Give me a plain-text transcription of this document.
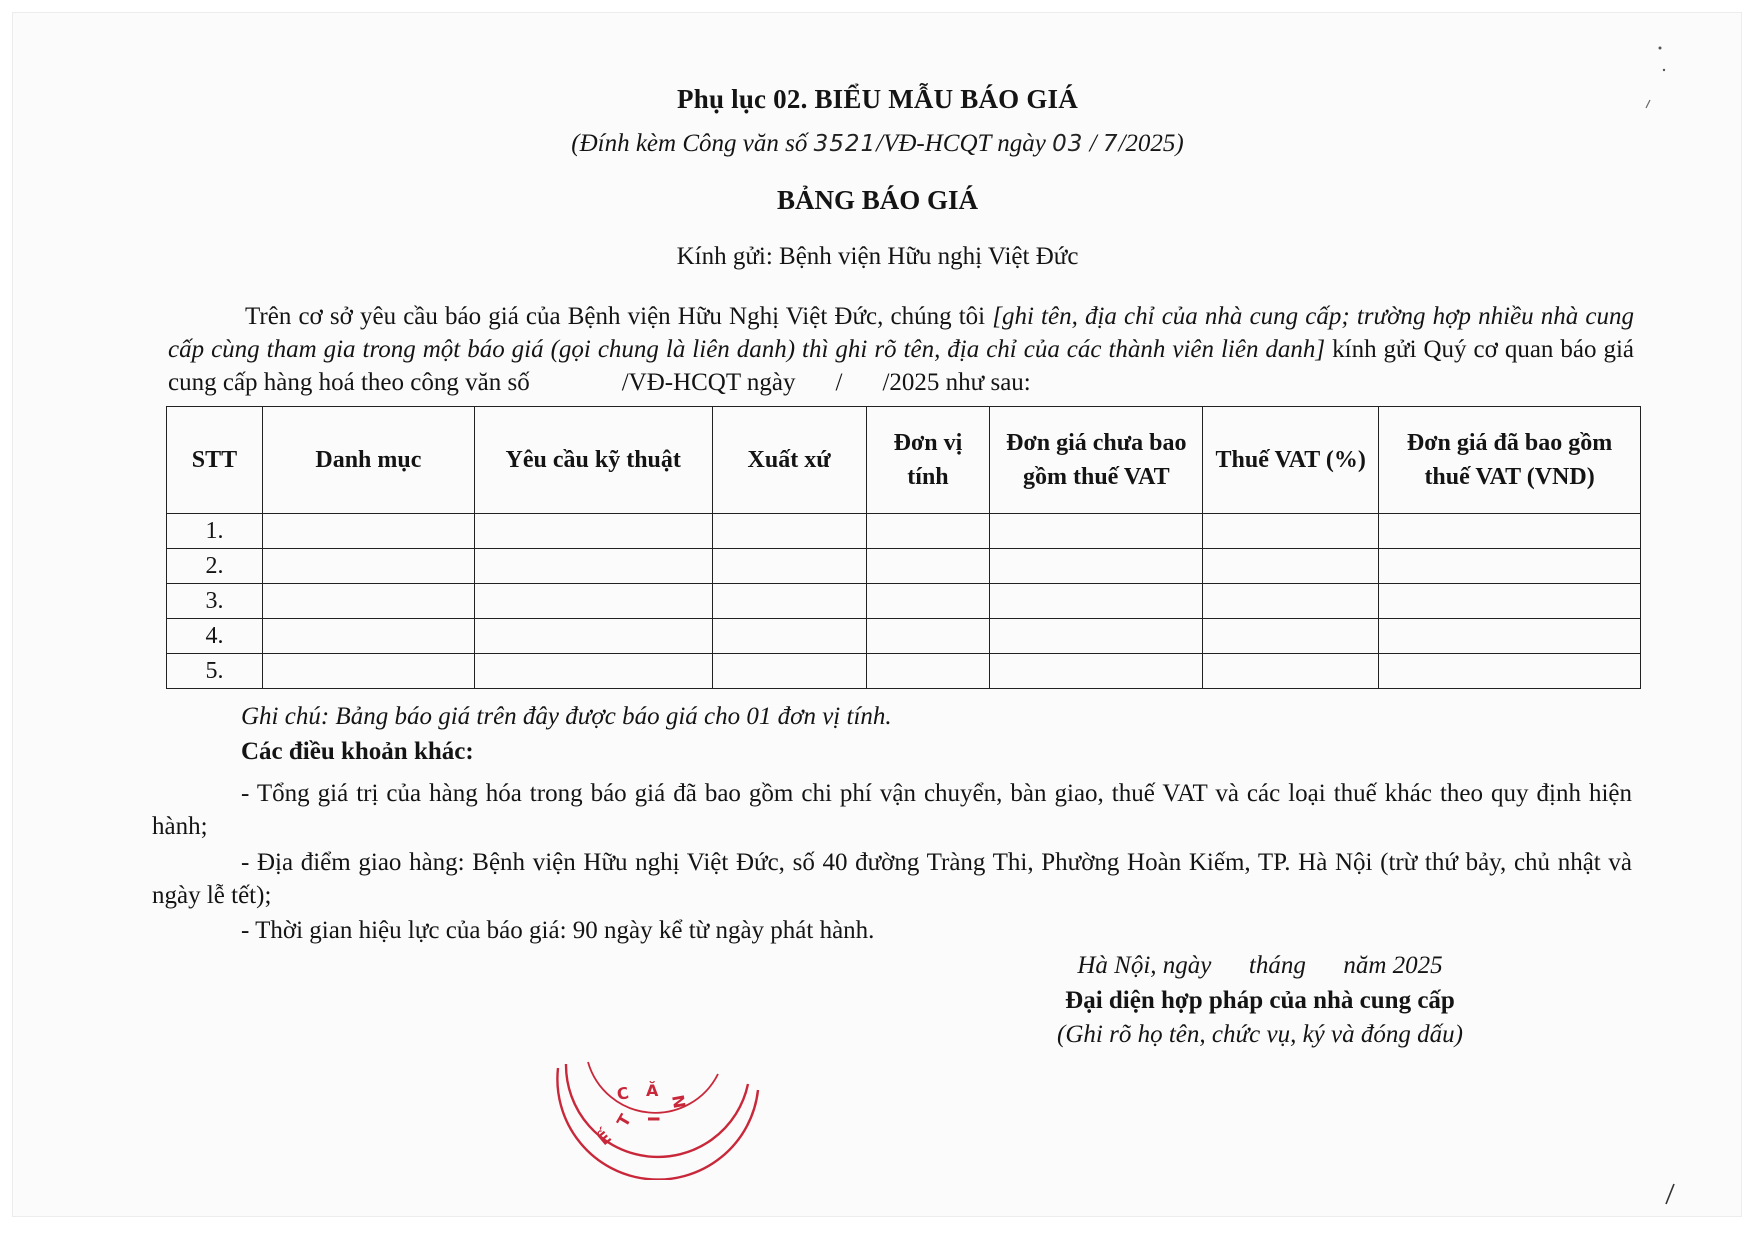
Phụ lục 02. BIỂU MẪU BÁO GIÁ
(Đính kèm Công văn số 3521/VĐ-HCQT ngày 03 / 7/2025)
BẢNG BÁO GIÁ
Kính gửi: Bệnh viện Hữu nghị Việt Đức
Trên cơ sở yêu cầu báo giá của Bệnh viện Hữu Nghị Việt Đức, chúng tôi [ghi tên, địa chỉ của nhà cung cấp; trường hợp nhiều nhà cung cấp cùng tham gia trong một báo giá (gọi chung là liên danh) thì ghi rõ tên, địa chỉ của các thành viên liên danh] kính gửi Quý cơ quan báo giá cung cấp hàng hoá theo công văn số	/VĐ-HCQT ngày / /2025 như sau:
STT	Danh mục	Yêu cầu kỹ thuật	Xuất xứ	Đơn vị tính	Đơn giá chưa bao gồm thuế VAT	Thuế VAT (%)	Đơn giá đã bao gồm thuế VAT (VND)
1.							
2.							
3.							
4.							
5.							
Ghi chú: Bảng báo giá trên đây được báo giá cho 01 đơn vị tính.
Các điều khoản khác:
- Tổng giá trị của hàng hóa trong báo giá đã bao gồm chi phí vận chuyển, bàn giao, thuế VAT và các loại thuế khác theo quy định hiện hành;
- Địa điểm giao hàng: Bệnh viện Hữu nghị Việt Đức, số 40 đường Tràng Thi, Phường Hoàn Kiếm, TP. Hà Nội (trừ thứ bảy, chủ nhật và ngày lễ tết);
- Thời gian hiệu lực của báo giá: 90 ngày kể từ ngày phát hành.
Hà Nội, ngày      tháng      năm 2025
Đại diện hợp pháp của nhà cung cấp
(Ghi rõ họ tên, chức vụ, ký và đóng dấu)
C Ă
N
I
T
Ế
